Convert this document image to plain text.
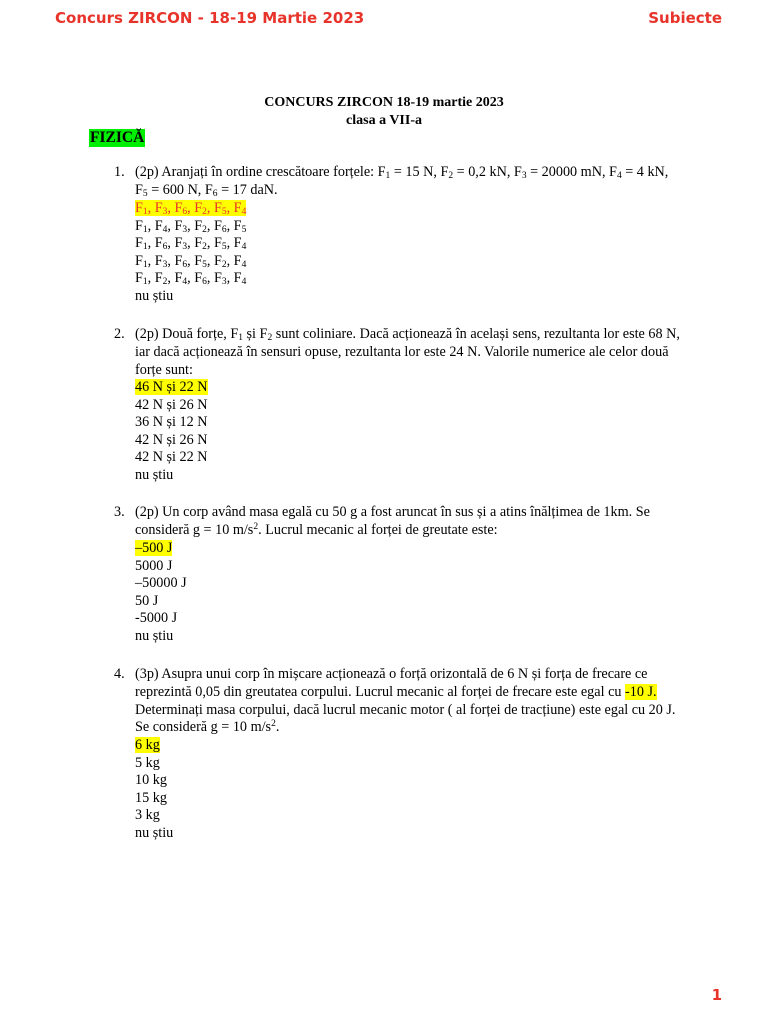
Concurs ZIRCON - 18-19 Martie 2023	Subiecte
CONCURS ZIRCON 18-19 martie 2023
clasa a VII-a
FIZICĂ
1. (2p) Aranjați în ordine crescătoare forțele: $F_1 = 15$ N, $F_2 = 0,2$ kN, $F_3 = 20000$ mN, $F_4 = 4$ kN, $F_5 = 600$ N, $F_6 = 17$ daN.
$F_1$, $F_3$, $F_6$, $F_2$, $F_5$, $F_4$
$F_1$, $F_4$, $F_3$, $F_2$, $F_6$, $F_5$
$F_1$, $F_6$, $F_3$, $F_2$, $F_5$, $F_4$
$F_1$, $F_3$, $F_6$, $F_5$, $F_2$, $F_4$
$F_1$, $F_2$, $F_4$, $F_6$, $F_3$, $F_4$
nu știu
2. (2p) Două forțe, $F_1$ și $F_2$ sunt coliniare. Dacă acționează în același sens, rezultanta lor este 68 N, iar dacă acționează în sensuri opuse, rezultanta lor este 24 N. Valorile numerice ale celor două forțe sunt:
46 N și 22 N
42 N și 26 N
36 N și 12 N
42 N și 26 N
42 N și 22 N
nu știu
3. (2p) Un corp având masa egală cu 50 g a fost aruncat în sus și a atins înălțimea de 1km. Se consideră g = 10 $m/s^2$. Lucrul mecanic al forței de greutate este:
–500 J
5000 J
–50000 J
50 J
-5000 J
nu știu
4. (3p) Asupra unui corp în mișcare acționează o forță orizontală de 6 N și forța de frecare ce reprezintă 0,05 din greutatea corpului. Lucrul mecanic al forței de frecare este egal cu -10 J. Determinați masa corpului, dacă lucrul mecanic motor ( al forței de tracțiune) este egal cu 20 J. Se consideră g = 10 $m/s^2$.
6 kg
5 kg
10 kg
15 kg
3 kg
nu știu
1
